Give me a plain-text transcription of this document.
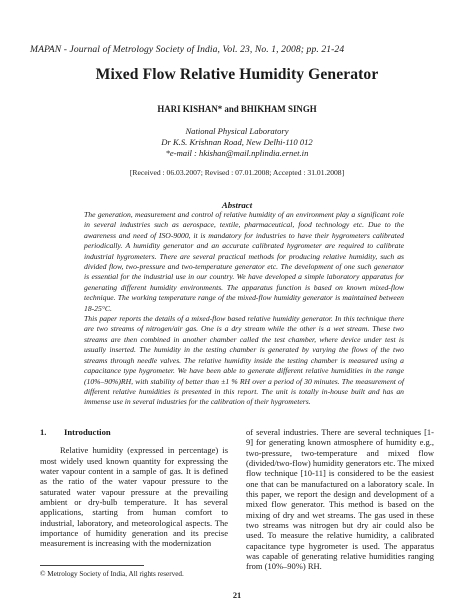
MAPAN - Journal of Metrology Society of India, Vol. 23, No. 1, 2008; pp. 21-24
Mixed Flow Relative Humidity Generator
HARI KISHAN* and BHIKHAM SINGH
National Physical Laboratory
Dr K.S. Krishnan Road, New Delhi-110 012
*e-mail : hkishan@mail.nplindia.ernet.in
[Received : 06.03.2007; Revised : 07.01.2008; Accepted : 31.01.2008]
Abstract

The generation, measurement and control of relative humidity of an environment play a significant role in several industries such as aerospace, textile, pharmaceutical, food technology etc. Due to the awareness and need of ISO-9000, it is mandatory for industries to have their hygrometers calibrated periodically. A humidity generator and an accurate calibrated hygrometer are required to calibrate industrial hygrometers. There are several practical methods for producing relative humidity, such as divided flow, two-pressure and two-temperature generator etc. The development of one such generator is essential for the industrial use in our country. We have developed a simple laboratory apparatus for generating different humidity environments. The apparatus function is based on known mixed-flow technique. The working temperature range of the mixed-flow humidity generator is maintained between 18-25°C.

This paper reports the details of a mixed-flow based relative humidity generator. In this technique there are two streams of nitrogen/air gas. One is a dry stream while the other is a wet stream. These two streams are then combined in another chamber called the test chamber, where device under test is usually inserted. The humidity in the testing chamber is generated by varying the flows of the two streams through needle valves. The relative humidity inside the testing chamber is measured using a capacitance type hygrometer. We have been able to generate different relative humidities in the range (10%–90%)RH, with stability of better than ±1 % RH over a period of 30 minutes. The measurement of different relative humidities is presented in this report. The unit is totally in-house built and has an immense use in several industries for the calibration of their hygrometers.

1. Introduction

Relative humidity (expressed in percentage) is most widely used known quantity for expressing the water vapour content in a sample of gas. It is defined as the ratio of the water vapour pressure to the saturated water vapour pressure at the prevailing ambient or dry-bulb temperature. It has several applications, starting from human comfort to industrial, laboratory, and meteorological aspects. The importance of humidity generation and its precise measurement is increasing with the modernization

of several industries. There are several techniques [1-9] for generating known atmosphere of humidity e.g., two-pressure, two-temperature and mixed flow (divided/two-flow) humidity generators etc. The mixed flow technique [10-11] is considered to be the easiest one that can be manufactured on a laboratory scale. In this paper, we report the design and development of a mixed flow generator. This method is based on the mixing of dry and wet streams. The gas used in these two streams was nitrogen but dry air could also be used. To measure the relative humidity, a calibrated capacitance type hygrometer is used. The apparatus was capable of generating relative humidities ranging from (10%–90%) RH.

© Metrology Society of India, All rights reserved.
21
